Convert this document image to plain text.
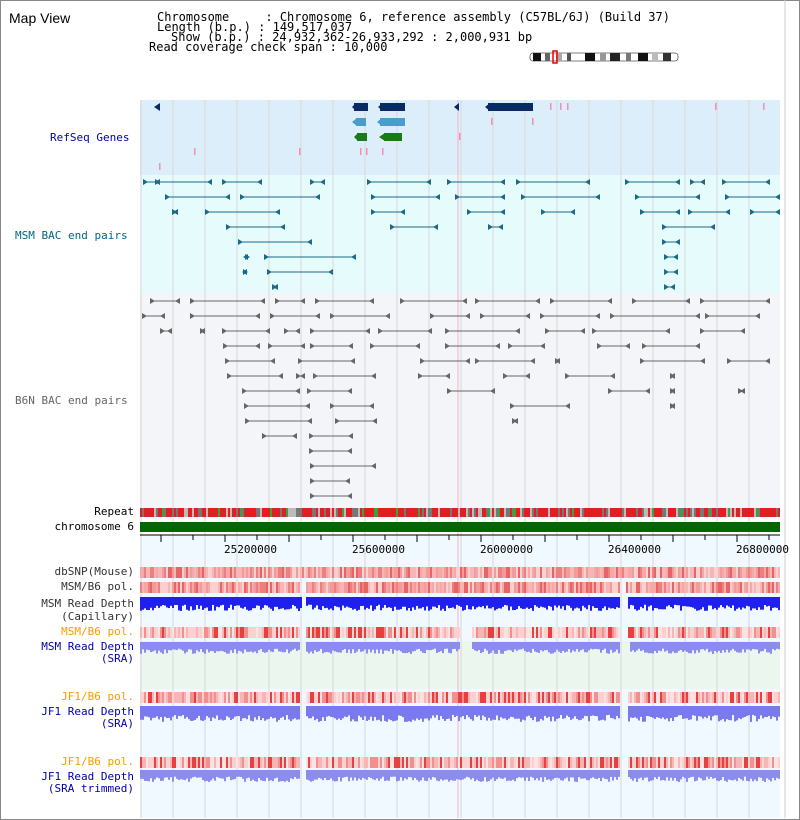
Map View	Chromosome     : Chromosome 6, reference assembly (C57BL/6J) (Build 37)
Length (b.p.) : 149,517,037
Show (b.p.) : 24,932,362-26,933,292 : 2,000,931 bp
Read coverage check span : 10,000
RefSeq Genes
MSM BAC end pairs
B6N BAC end pairs
Repeat
chromosome 6
dbSNP(Mouse)
MSM/B6 pol.
MSM Read Depth
(Capillary)
MSM/B6 pol.
MSM Read Depth
(SRA)
JF1/B6 pol.
JF1 Read Depth
(SRA)
JF1/B6 pol.
JF1 Read Depth
(SRA trimmed)
25200000	25600000	26000000	26400000	26800000
